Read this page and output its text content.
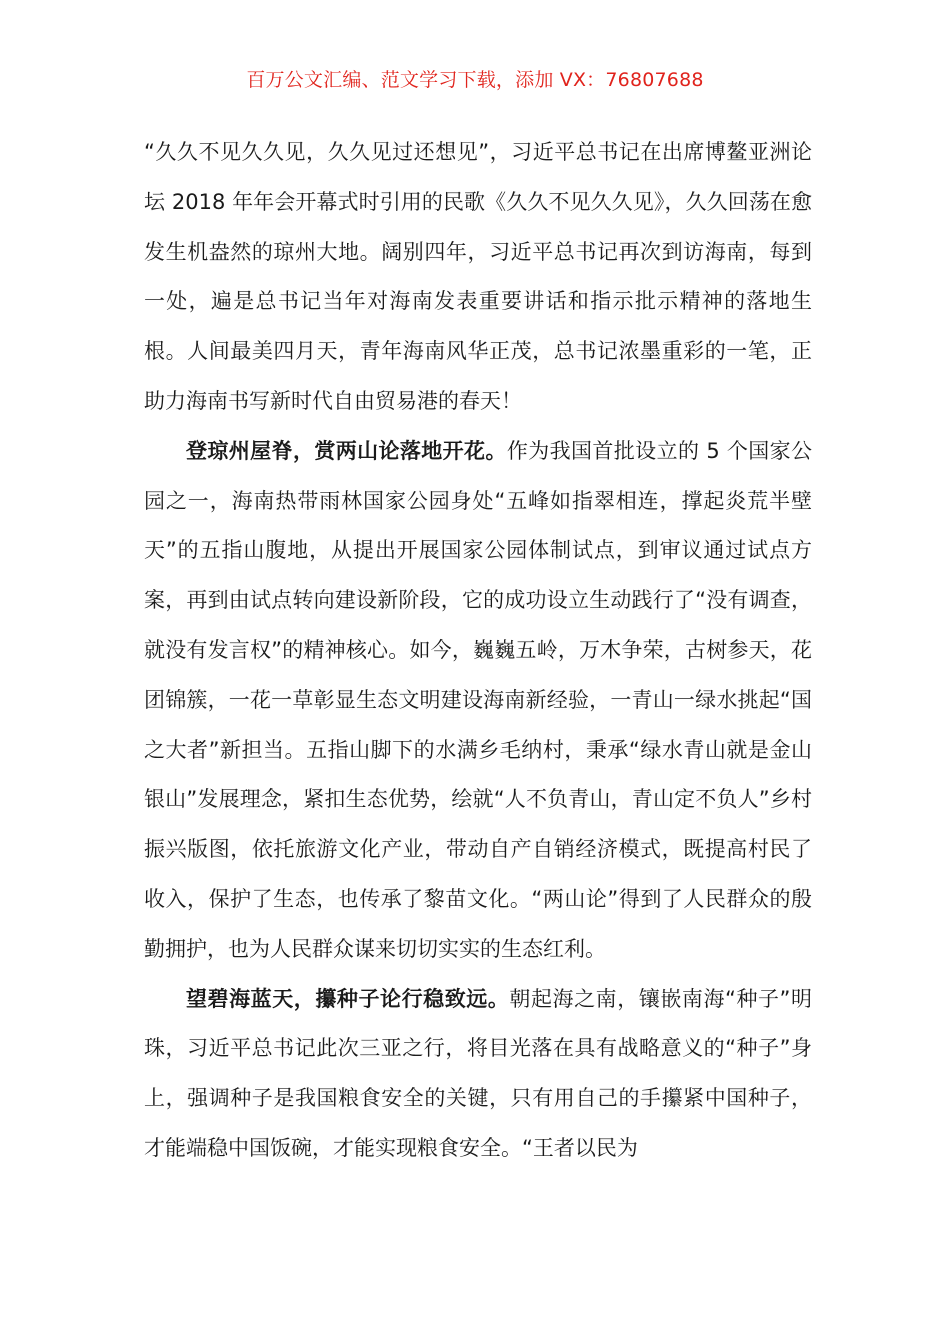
百万公文汇编、范文学习下载，添加 VX：76807688

“久久不见久久见，久久见过还想见”，习近平总书记在出席博鳌亚洲论坛 2018 年年会开幕式时引用的民歌《久久不见久久见》，久久回荡在愈发生机盎然的琼州大地。阔别四年，习近平总书记再次到访海南，每到一处，遍是总书记当年对海南发表重要讲话和指示批示精神的落地生根。人间最美四月天，青年海南风华正茂，总书记浓墨重彩的一笔，正助力海南书写新时代自由贸易港的春天！

登琼州屋脊，赏两山论落地开花。作为我国首批设立的 5 个国家公园之一，海南热带雨林国家公园身处“五峰如指翠相连，撑起炎荒半壁天”的五指山腹地，从提出开展国家公园体制试点，到审议通过试点方案，再到由试点转向建设新阶段，它的成功设立生动践行了“没有调查，就没有发言权”的精神核心。如今，巍巍五岭，万木争荣，古树参天，花团锦簇，一花一草彰显生态文明建设海南新经验，一青山一绿水挑起“国之大者”新担当。五指山脚下的水满乡毛纳村，秉承“绿水青山就是金山银山”发展理念，紧扣生态优势，绘就“人不负青山，青山定不负人”乡村振兴版图，依托旅游文化产业，带动自产自销经济模式，既提高村民了收入，保护了生态，也传承了黎苗文化。“两山论”得到了人民群众的殷勤拥护，也为人民群众谋来切切实实的生态红利。

望碧海蓝天，攥种子论行稳致远。朝起海之南，镶嵌南海“种子”明珠，习近平总书记此次三亚之行，将目光落在具有战略意义的“种子”身上，强调种子是我国粮食安全的关键，只有用自己的手攥紧中国种子，才能端稳中国饭碗，才能实现粮食安全。“王者以民为
